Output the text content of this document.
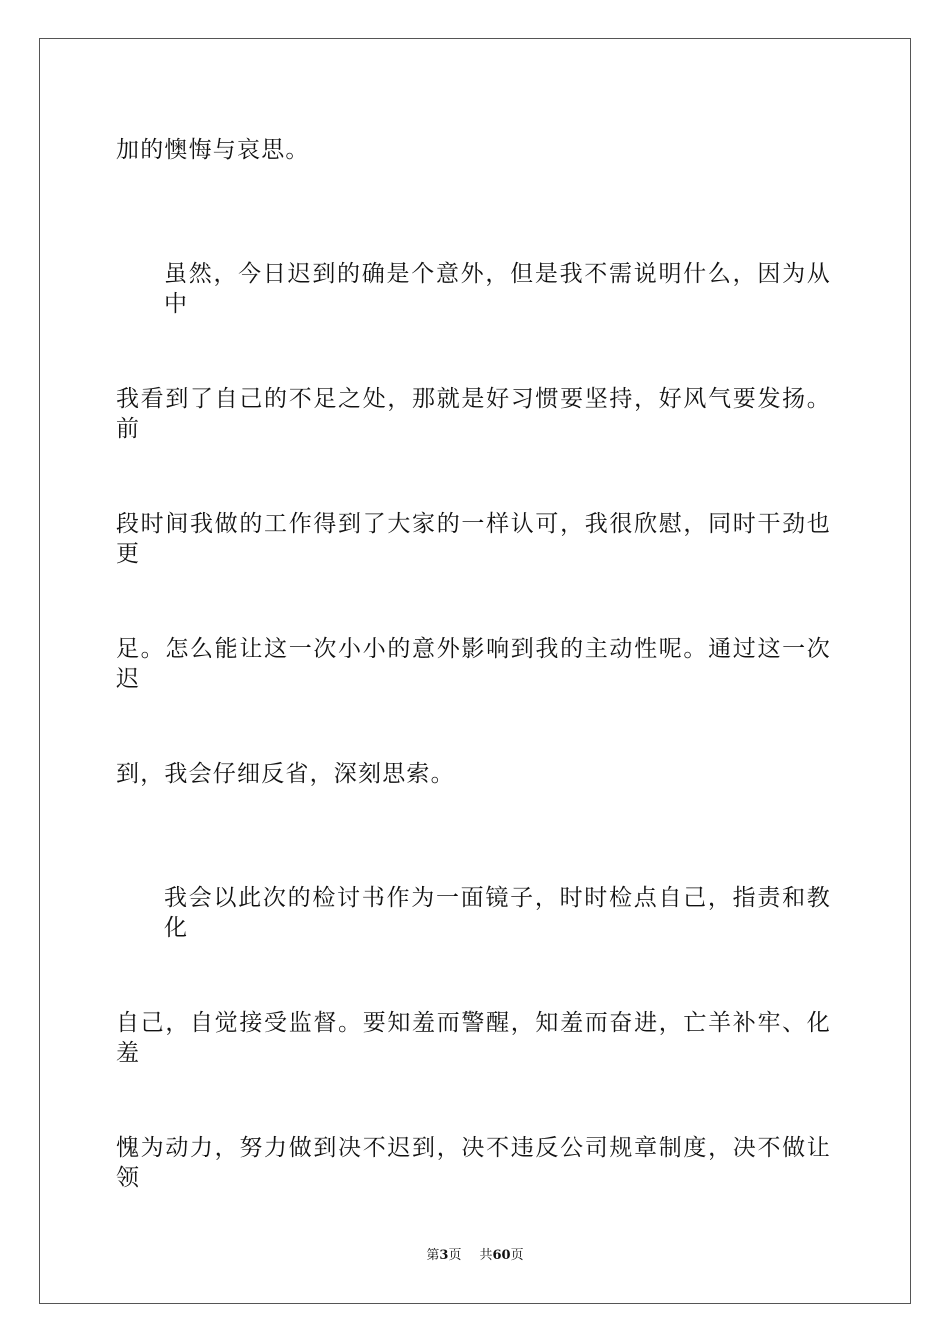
加的懊悔与哀思。
虽然，今日迟到的确是个意外，但是我不需说明什么，因为从中
我看到了自己的不足之处，那就是好习惯要坚持，好风气要发扬。前
段时间我做的工作得到了大家的一样认可，我很欣慰，同时干劲也更
足。怎么能让这一次小小的意外影响到我的主动性呢。通过这一次迟
到，我会仔细反省，深刻思索。
我会以此次的检讨书作为一面镜子，时时检点自己，指责和教化
自己，自觉接受监督。要知羞而警醒，知羞而奋进，亡羊补牢、化羞
愧为动力，努力做到决不迟到，决不违反公司规章制度，决不做让领
第3页 共60页
